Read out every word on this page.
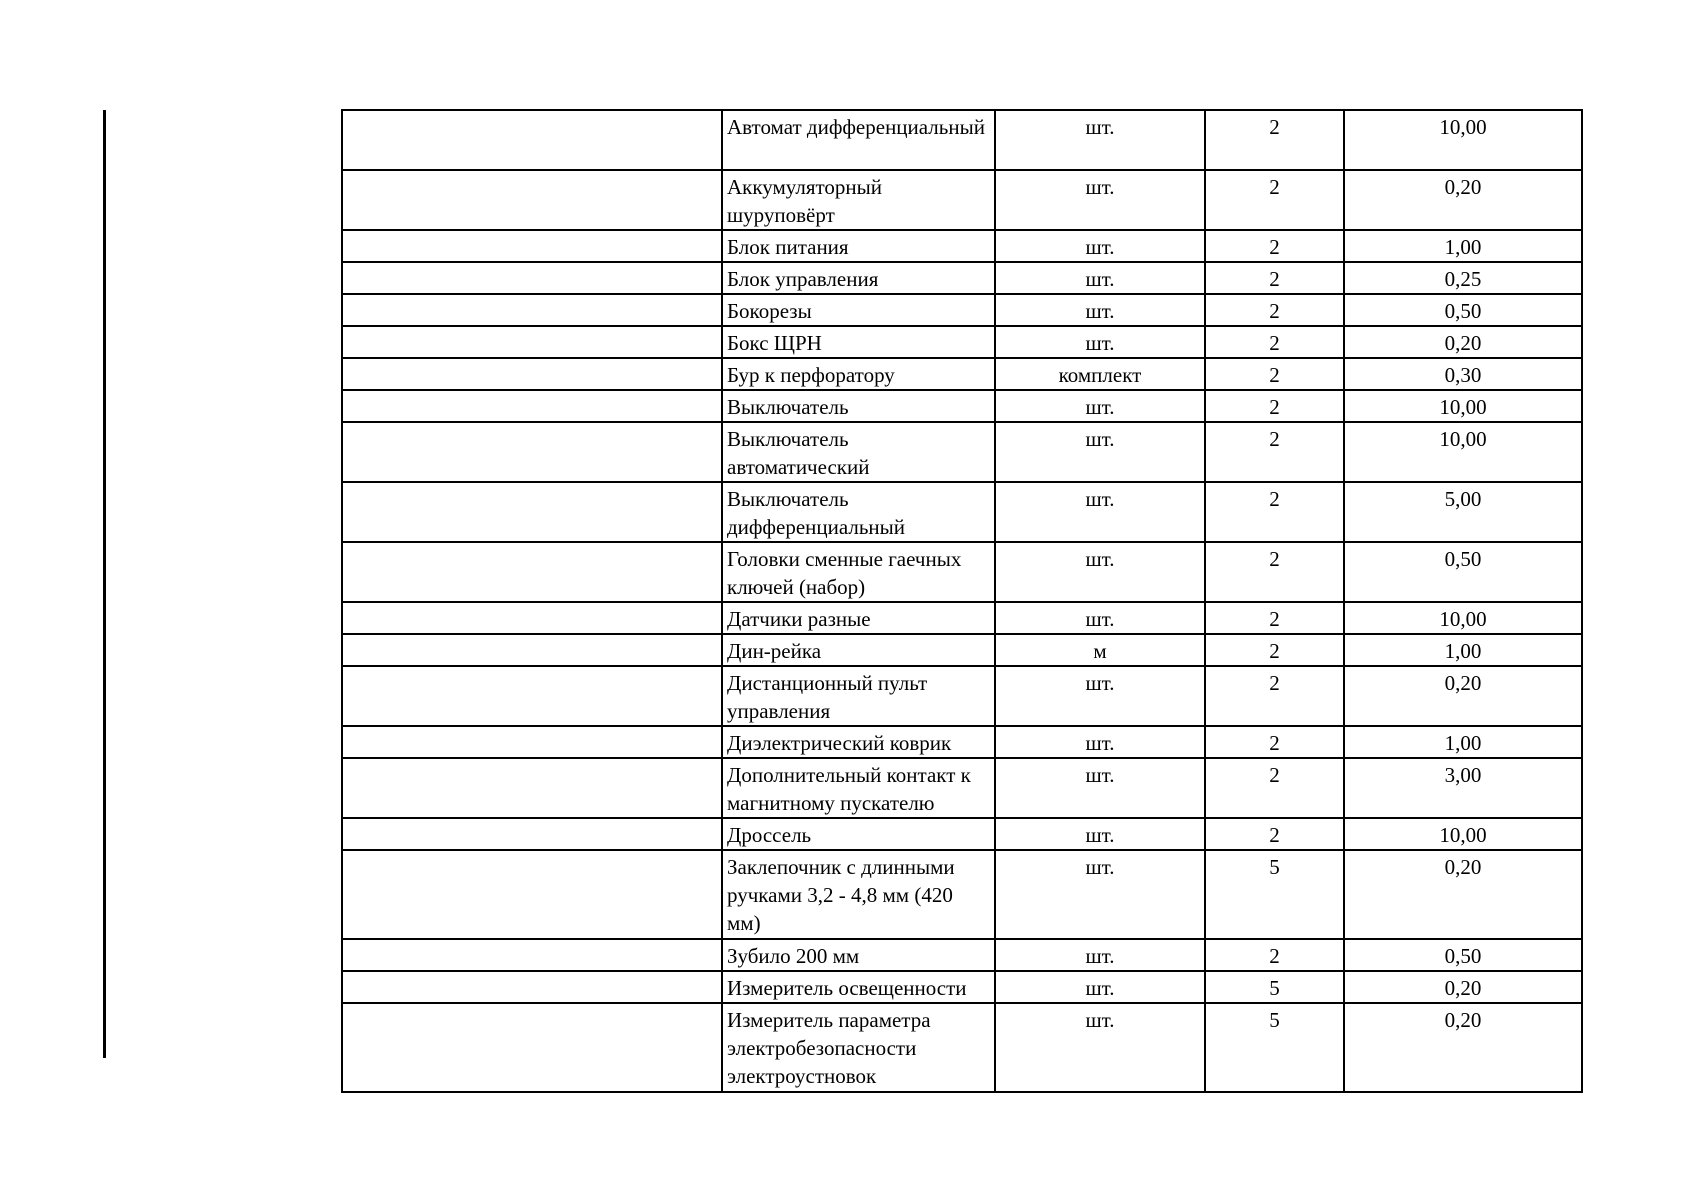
	Автомат дифференциальный	шт.	2	10,00
	Аккумуляторный шуруповёрт	шт.	2	0,20
	Блок питания	шт.	2	1,00
	Блок управления	шт.	2	0,25
	Бокорезы	шт.	2	0,50
	Бокс ЩРН	шт.	2	0,20
	Бур к перфоратору	комплект	2	0,30
	Выключатель	шт.	2	10,00
	Выключатель автоматический	шт.	2	10,00
	Выключатель дифференциальный	шт.	2	5,00
	Головки сменные гаечных ключей (набор)	шт.	2	0,50
	Датчики разные	шт.	2	10,00
	Дин-рейка	м	2	1,00
	Дистанционный пульт управления	шт.	2	0,20
	Диэлектрический коврик	шт.	2	1,00
	Дополнительный контакт к магнитному пускателю	шт.	2	3,00
	Дроссель	шт.	2	10,00
	Заклепочник с длинными ручками 3,2 - 4,8 мм (420 мм)	шт.	5	0,20
	Зубило 200 мм	шт.	2	0,50
	Измеритель освещенности	шт.	5	0,20
	Измеритель параметра электробезопасности электроустновок	шт.	5	0,20
